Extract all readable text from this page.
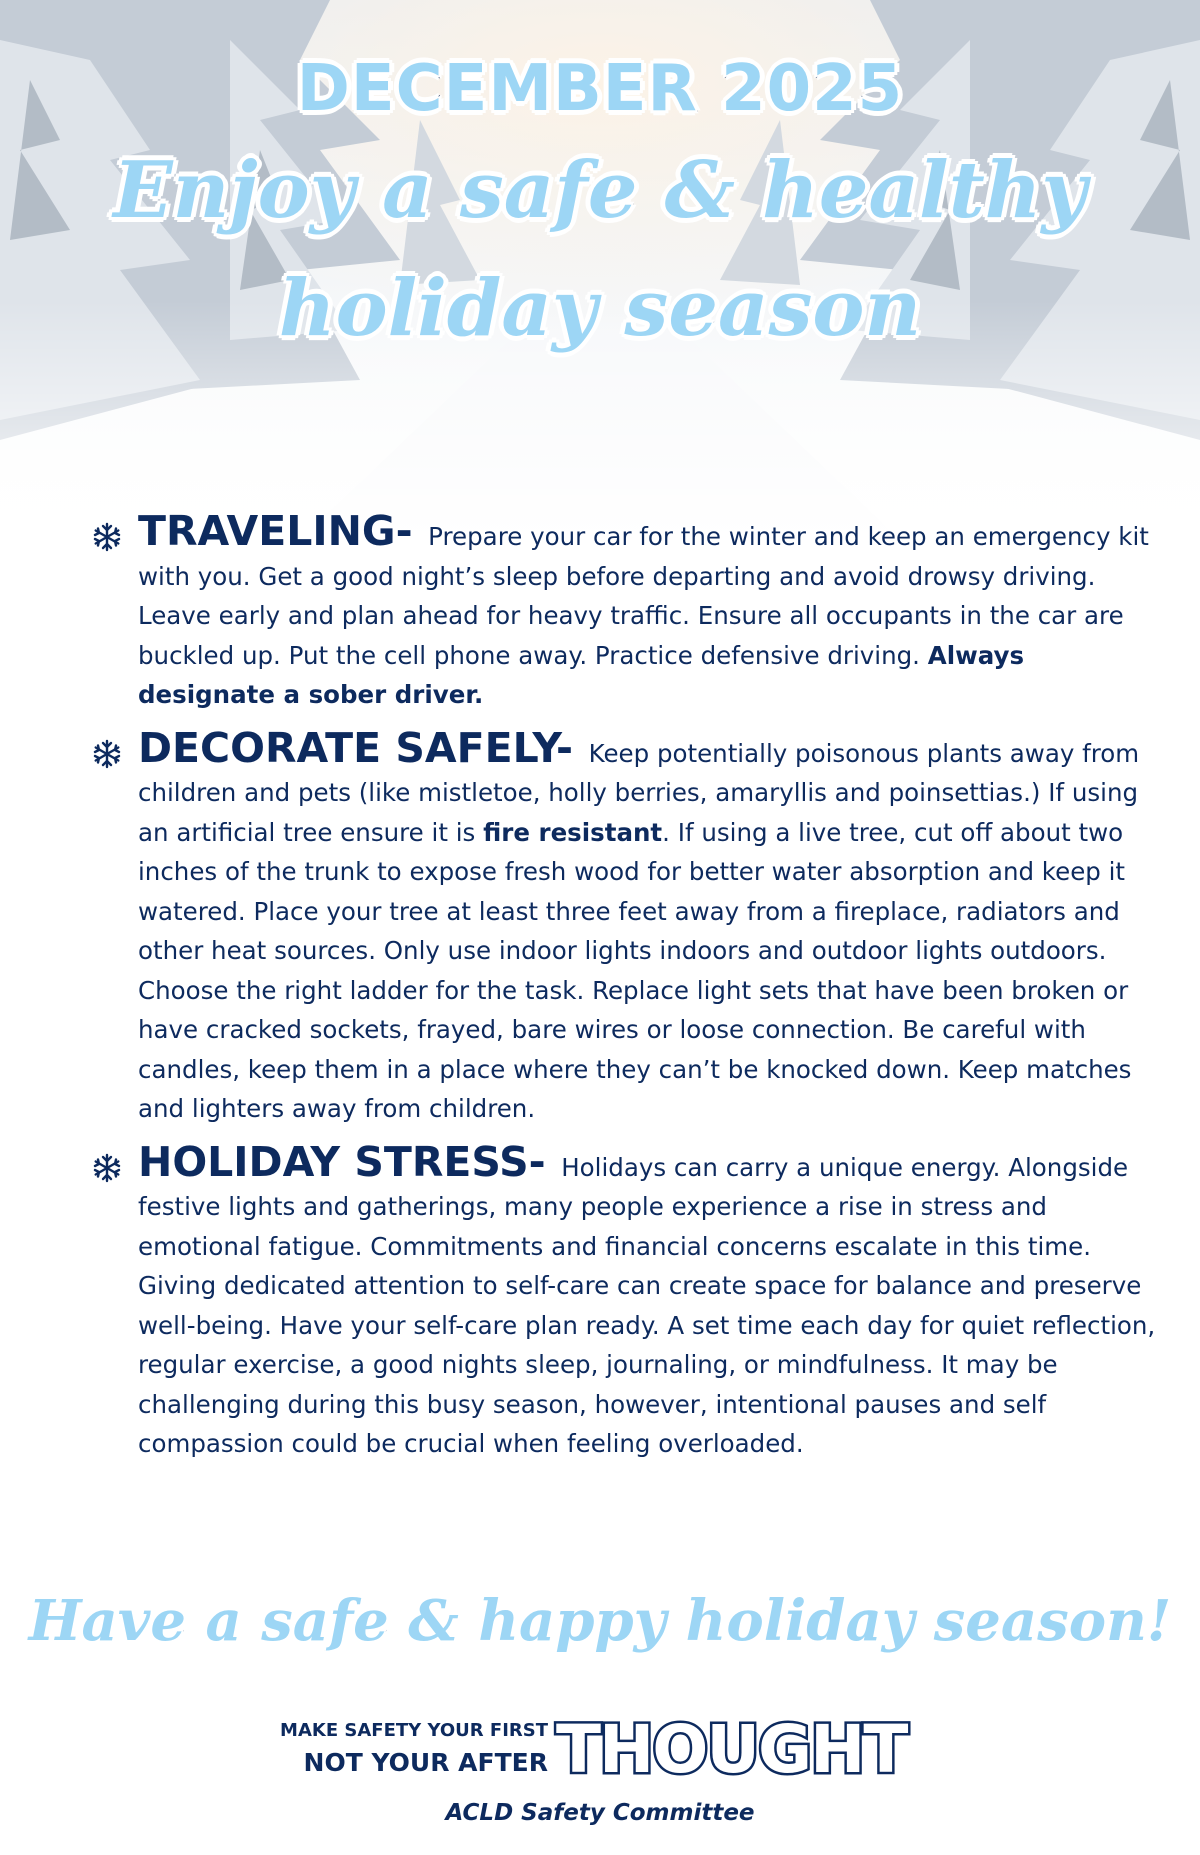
DECEMBER 2025
Enjoy a safe & healthy
holiday season
TRAVELING- Prepare your car for the winter and keep an emergency kit with you. Get a good night’s sleep before departing and avoid drowsy driving. Leave early and plan ahead for heavy traffic. Ensure all occupants in the car are buckled up. Put the cell phone away. Practice defensive driving. Always designate a sober driver.
DECORATE SAFELY- Keep potentially poisonous plants away from children and pets (like mistletoe, holly berries, amaryllis and poinsettias.) If using an artificial tree ensure it is fire resistant. If using a live tree, cut off about two inches of the trunk to expose fresh wood for better water absorption and keep it watered. Place your tree at least three feet away from a fireplace, radiators and other heat sources. Only use indoor lights indoors and outdoor lights outdoors. Choose the right ladder for the task. Replace light sets that have been broken or have cracked sockets, frayed, bare wires or loose connection. Be careful with candles, keep them in a place where they can’t be knocked down. Keep matches and lighters away from children.
HOLIDAY STRESS- Holidays can carry a unique energy. Alongside festive lights and gatherings, many people experience a rise in stress and emotional fatigue. Commitments and financial concerns escalate in this time. Giving dedicated attention to self-care can create space for balance and preserve well-being. Have your self-care plan ready. A set time each day for quiet reflection, regular exercise, a good nights sleep, journaling, or mindfulness. It may be challenging during this busy season, however, intentional pauses and self compassion could be crucial when feeling overloaded.
Have a safe & happy holiday season!
MAKE SAFETY YOUR FIRST
NOT YOUR AFTER THOUGHT
ACLD Safety Committee
